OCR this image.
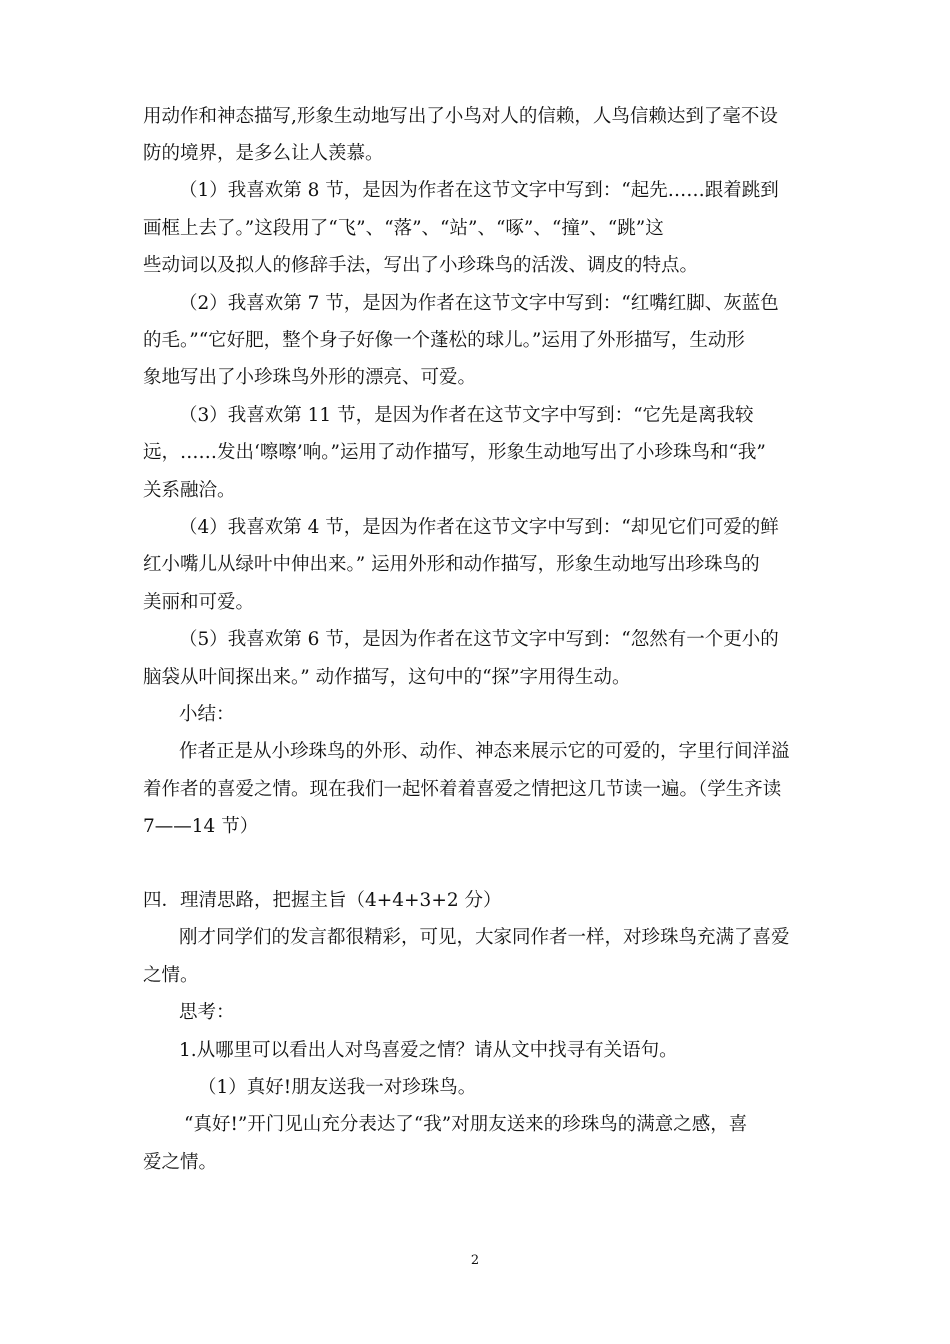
用动作和神态描写,形象生动地写出了小鸟对人的信赖，人鸟信赖达到了毫不设
防的境界，是多么让人羡慕。
（1）我喜欢第 8 节，是因为作者在这节文字中写到：“起先……跟着跳到
画框上去了。”这段用了“飞”、“落”、“站”、“啄”、“撞”、“跳”这
些动词以及拟人的修辞手法，写出了小珍珠鸟的活泼、调皮的特点。
（2）我喜欢第 7 节，是因为作者在这节文字中写到：“红嘴红脚、灰蓝色
的毛。”“它好肥，整个身子好像一个蓬松的球儿。”运用了外形描写，生动形
象地写出了小珍珠鸟外形的漂亮、可爱。
（3）我喜欢第 11 节，是因为作者在这节文字中写到：“它先是离我较
远，……发出‘嚓嚓’响。”运用了动作描写，形象生动地写出了小珍珠鸟和“我”
关系融洽。
（4）我喜欢第 4 节，是因为作者在这节文字中写到：“却见它们可爱的鲜
红小嘴儿从绿叶中伸出来。” 运用外形和动作描写，形象生动地写出珍珠鸟的
美丽和可爱。
（5）我喜欢第 6 节，是因为作者在这节文字中写到：“忽然有一个更小的
脑袋从叶间探出来。” 动作描写，这句中的“探”字用得生动。
小结：
作者正是从小珍珠鸟的外形、动作、神态来展示它的可爱的，字里行间洋溢
着作者的喜爱之情。现在我们一起怀着着喜爱之情把这几节读一遍。（学生齐读
7——14 节）
四．理清思路，把握主旨（4+4+3+2 分）
刚才同学们的发言都很精彩，可见，大家同作者一样，对珍珠鸟充满了喜爱
之情。
思考：
1.从哪里可以看出人对鸟喜爱之情？请从文中找寻有关语句。
（1）真好!朋友送我一对珍珠鸟。
“真好!”开门见山充分表达了“我”对朋友送来的珍珠鸟的满意之感，喜
爱之情。
2
